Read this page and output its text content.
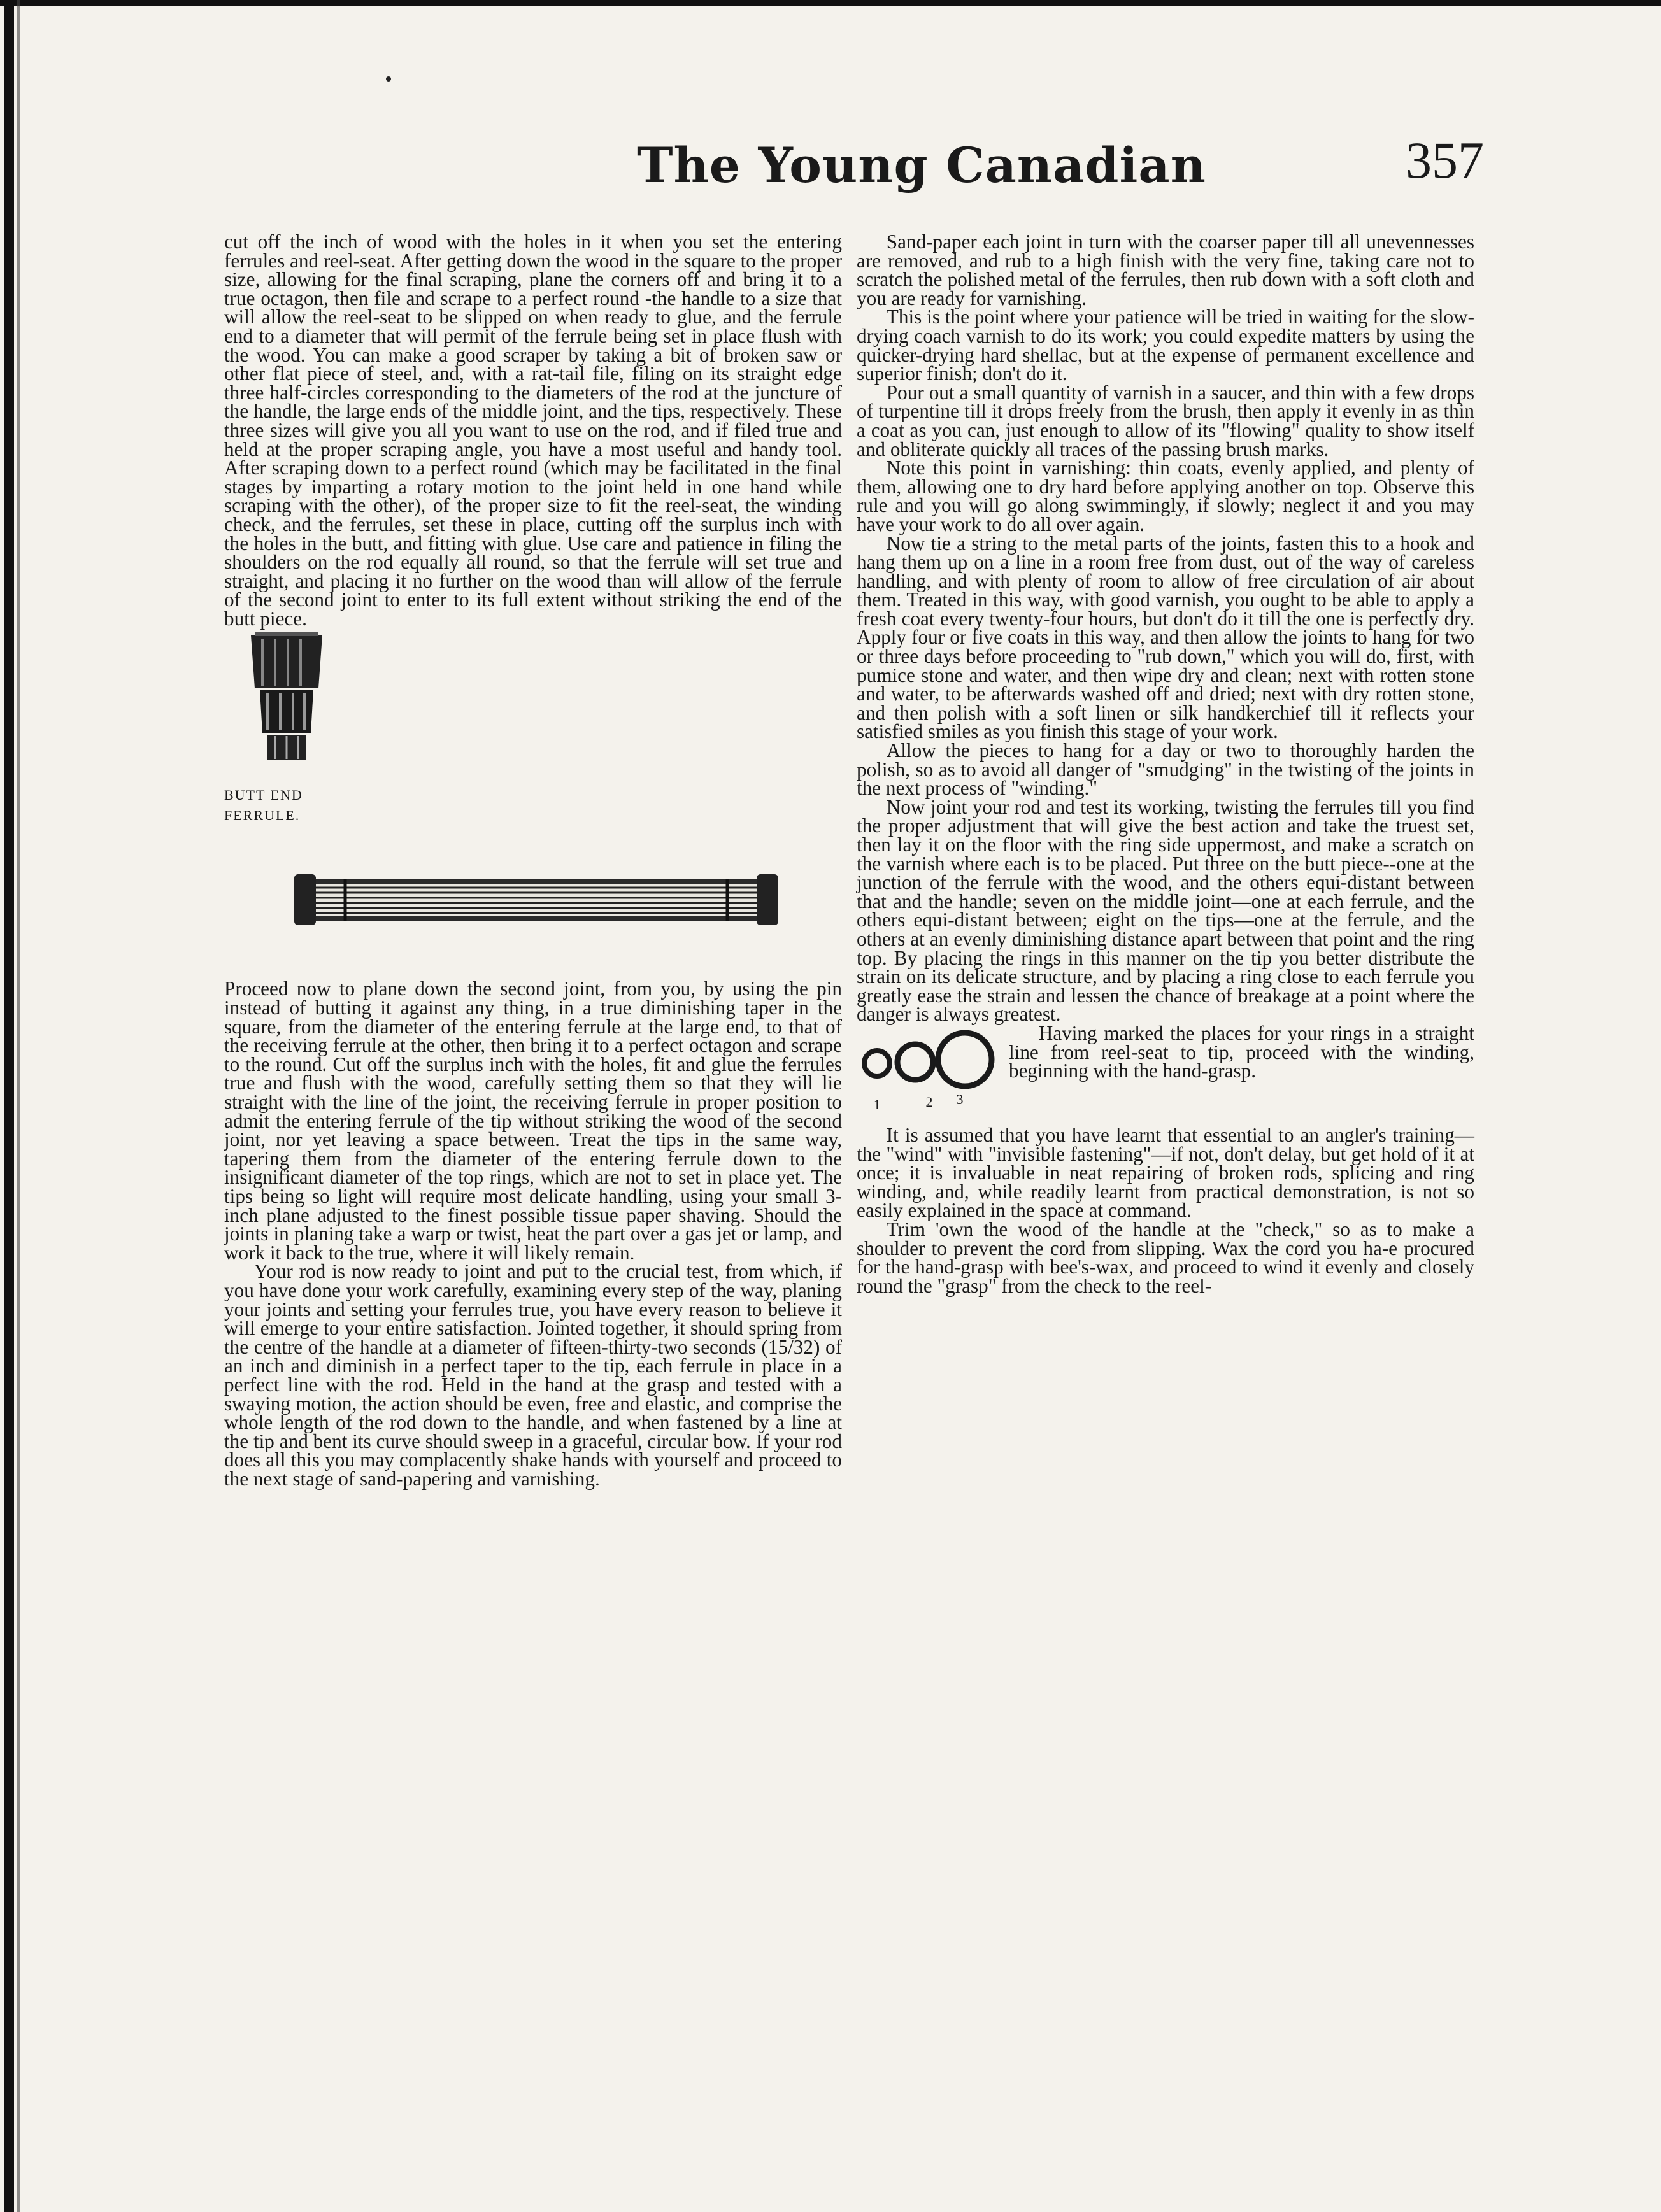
The Young Canadian	357

cut off the inch of wood with the holes in it when you set the entering ferrules and reel-seat. After getting down the wood in the square to the proper size, allowing for the final scraping, plane the corners off and bring it to a true octagon, then file and scrape to a perfect round -the handle to a size that will allow the reel-seat to be slipped on when ready to glue, and the ferrule end to a diameter that will permit of the ferrule being set in place flush with the wood. You can make a good scraper by taking a bit of broken saw or other flat piece of steel, and, with a rat-tail file, filing on its straight edge three half-circles corresponding to the diameters of the rod at the juncture of the handle, the large ends of the middle joint, and the tips, respectively. These three sizes will give you all you want to use on the rod, and if filed true and held at the proper scraping angle, you have a most useful and handy tool. After scraping down to a perfect round (which may be facilitated in the final stages by imparting a rotary motion to the joint held in one hand while scraping with the other), of the proper size to fit the reel-seat, the winding check, and the ferrules, set these in place, cutting off the surplus inch with the holes in the butt, and fitting with glue. Use care and patience in filing the shoulders on the rod equally all round, so that the ferrule will set true and straight, and placing it no further on the wood than will allow of the ferrule of the second joint to enter to its full extent without striking the end of the butt piece.

BUTT END
FERRULE.

Proceed now to plane down the second joint, from you, by using the pin instead of butting it against any thing, in a true diminishing taper in the square, from the diameter of the entering ferrule at the large end, to that of the receiving ferrule at the other, then bring it to a perfect octagon and scrape to the round. Cut off the surplus inch with the holes, fit and glue the ferrules true and flush with the wood, carefully setting them so that they will lie straight with the line of the joint, the receiving ferrule in proper position to admit the entering ferrule of the tip without striking the wood of the second joint, nor yet leaving a space between. Treat the tips in the same way, tapering them from the diameter of the entering ferrule down to the insignificant diameter of the top rings, which are not to set in place yet. The tips being so light will require most delicate handling, using your small 3-inch plane adjusted to the finest possible tissue paper shaving. Should the joints in planing take a warp or twist, heat the part over a gas jet or lamp, and work it back to the true, where it will likely remain.

Your rod is now ready to joint and put to the crucial test, from which, if you have done your work carefully, examining every step of the way, planing your joints and setting your ferrules true, you have every reason to believe it will emerge to your entire satisfaction. Jointed together, it should spring from the centre of the handle at a diameter of fifteen-thirty-two seconds (15/32) of an inch and diminish in a perfect taper to the tip, each ferrule in place in a perfect line with the rod. Held in the hand at the grasp and tested with a swaying motion, the action should be even, free and elastic, and comprise the whole length of the rod down to the handle, and when fastened by a line at the tip and bent its curve should sweep in a graceful, circular bow. If your rod does all this you may complacently shake hands with yourself and proceed to the next stage of sand-papering and varnishing.

Sand-paper each joint in turn with the coarser paper till all unevennesses are removed, and rub to a high finish with the very fine, taking care not to scratch the polished metal of the ferrules, then rub down with a soft cloth and you are ready for varnishing.

This is the point where your patience will be tried in waiting for the slow-drying coach varnish to do its work; you could expedite matters by using the quicker-drying hard shellac, but at the expense of permanent excellence and superior finish; don't do it.

Pour out a small quantity of varnish in a saucer, and thin with a few drops of turpentine till it drops freely from the brush, then apply it evenly in as thin a coat as you can, just enough to allow of its "flowing" quality to show itself and obliterate quickly all traces of the passing brush marks.

Note this point in varnishing: thin coats, evenly applied, and plenty of them, allowing one to dry hard before applying another on top. Observe this rule and you will go along swimmingly, if slowly; neglect it and you may have your work to do all over again.

Now tie a string to the metal parts of the joints, fasten this to a hook and hang them up on a line in a room free from dust, out of the way of careless handling, and with plenty of room to allow of free circulation of air about them. Treated in this way, with good varnish, you ought to be able to apply a fresh coat every twenty-four hours, but don't do it till the one is perfectly dry. Apply four or five coats in this way, and then allow the joints to hang for two or three days before proceeding to "rub down," which you will do, first, with pumice stone and water, and then wipe dry and clean; next with rotten stone and water, to be afterwards washed off and dried; next with dry rotten stone, and then polish with a soft linen or silk handkerchief till it reflects your satisfied smiles as you finish this stage of your work.

Allow the pieces to hang for a day or two to thoroughly harden the polish, so as to avoid all danger of "smudging" in the twisting of the joints in the next process of "winding."

Now joint your rod and test its working, twisting the ferrules till you find the proper adjustment that will give the best action and take the truest set, then lay it on the floor with the ring side uppermost, and make a scratch on the varnish where each is to be placed. Put three on the butt piece--one at the junction of the ferrule with the wood, and the others equi-distant between that and the handle; seven on the middle joint—one at each ferrule, and the others equi-distant between; eight on the tips—one at the ferrule, and the others at an evenly diminishing distance apart between that point and the ring top. By placing the rings in this manner on the tip you better distribute the strain on its delicate structure, and by placing a ring close to each ferrule you greatly ease the strain and lessen the chance of breakage at a point where the danger is always greatest.

1	2	3

Having marked the places for your rings in a straight line from reel-seat to tip, proceed with the winding, beginning with the hand-grasp.

It is assumed that you have learnt that essential to an angler's training—the "wind" with "invisible fastening"—if not, don't delay, but get hold of it at once; it is invaluable in neat repairing of broken rods, splicing and ring winding, and, while readily learnt from practical demonstration, is not so easily explained in the space at command.

Trim 'own the wood of the handle at the "check," so as to make a shoulder to prevent the cord from slipping. Wax the cord you ha-e procured for the hand-grasp with bee's-wax, and proceed to wind it evenly and closely round the "grasp" from the check to the reel-
